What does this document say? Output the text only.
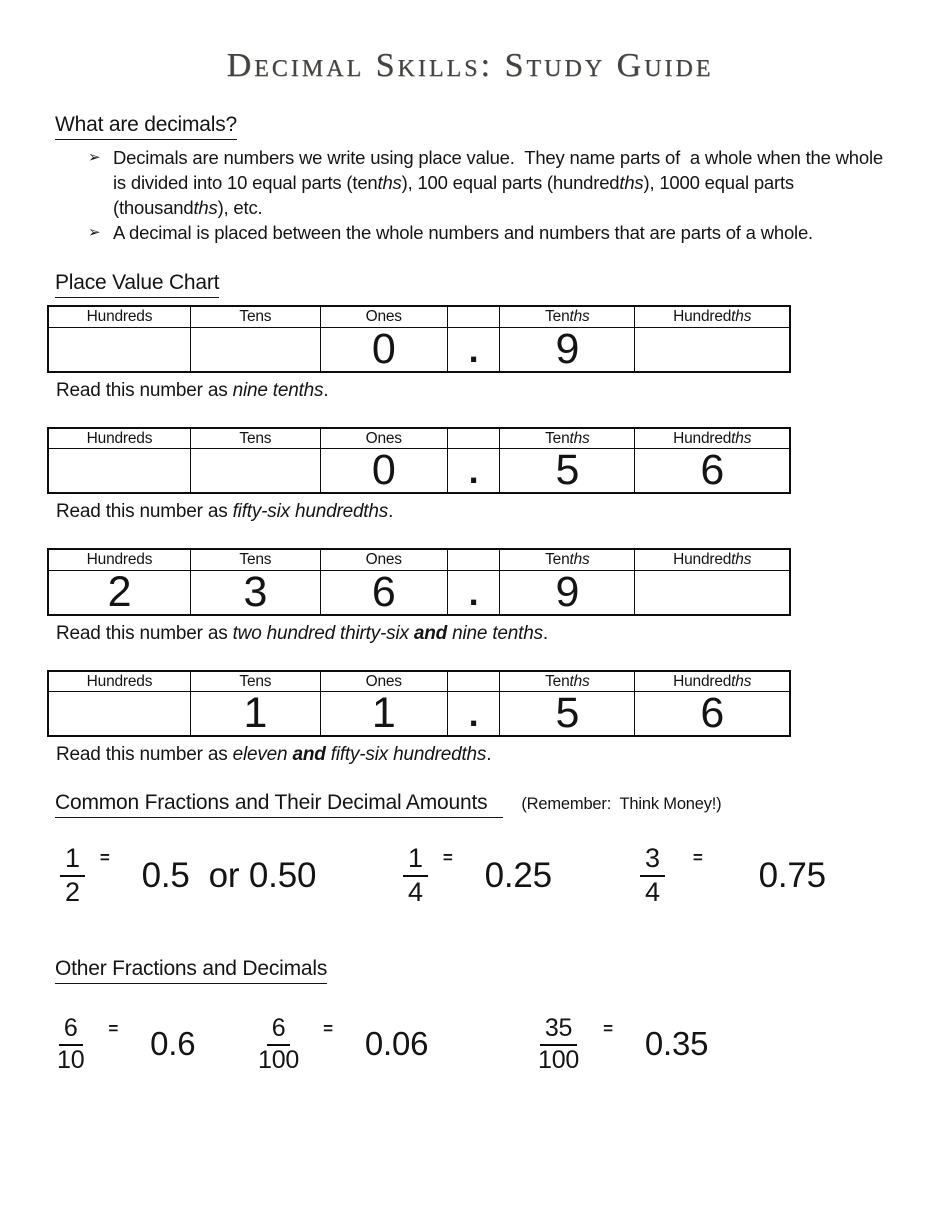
Decimal Skills: Study Guide
What are decimals?
➢ Decimals are numbers we write using place value.  They name parts of  a whole when the whole is divided into 10 equal parts (tenths), 100 equal parts (hundredths), 1000 equal parts (thousandths), etc.
➢ A decimal is placed between the whole numbers and numbers that are parts of a whole.
Place Value Chart
Hundreds	Tens	Ones		Tenths	Hundredths
		0	.	9	

Read this number as nine tenths.

Hundreds	Tens	Ones		Tenths	Hundredths
		0	.	5	6

Read this number as fifty-six hundredths.

Hundreds	Tens	Ones		Tenths	Hundredths
2	3	6	.	9	

Read this number as two hundred thirty-six and nine tenths.

Hundreds	Tens	Ones		Tenths	Hundredths
	1	1	.	5	6

Read this number as eleven and fifty-six hundredths.

Common Fractions and Their Decimal Amounts (Remember:  Think Money!)
$\frac{1}{2} = 0.5$  or 0.50	$\frac{1}{4} = 0.25$	$\frac{3}{4} = 0.75$
Other Fractions and Decimals
$\frac{6}{10} = 0.6$	$\frac{6}{100} = 0.06$	$\frac{35}{100} = 0.35$
